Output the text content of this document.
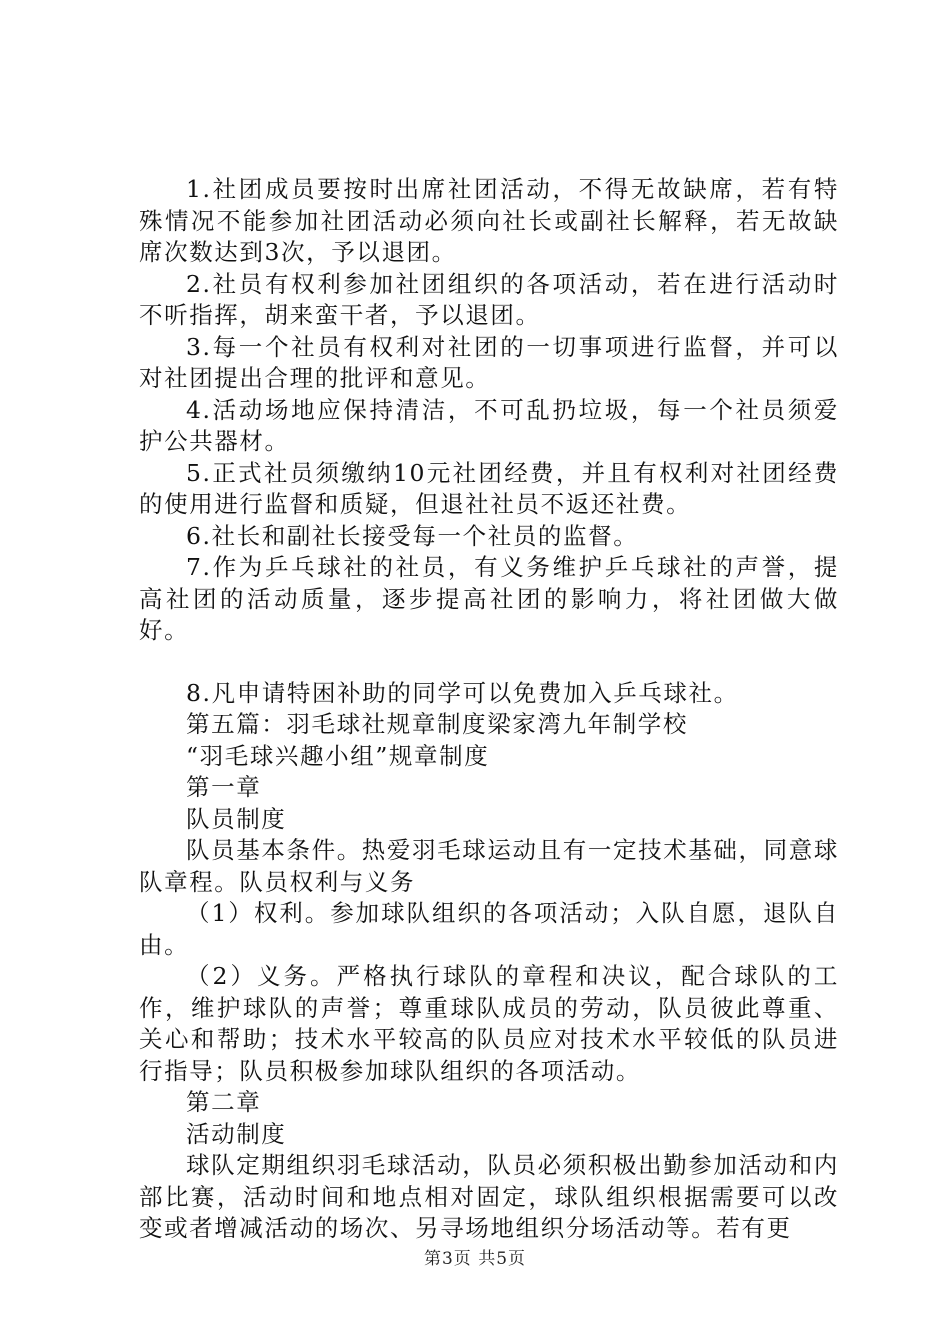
1.社团成员要按时出席社团活动，不得无故缺席，若有特殊情况不能参加社团活动必须向社长或副社长解释，若无故缺席次数达到3次，予以退团。

2.社员有权利参加社团组织的各项活动，若在进行活动时不听指挥，胡来蛮干者，予以退团。

3.每一个社员有权利对社团的一切事项进行监督，并可以对社团提出合理的批评和意见。

4.活动场地应保持清洁，不可乱扔垃圾，每一个社员须爱护公共器材。

5.正式社员须缴纳10元社团经费，并且有权利对社团经费的使用进行监督和质疑，但退社社员不返还社费。

6.社长和副社长接受每一个社员的监督。

7.作为乒乓球社的社员，有义务维护乒乓球社的声誉，提高社团的活动质量，逐步提高社团的影响力，将社团做大做好。

8.凡申请特困补助的同学可以免费加入乒乓球社。

第五篇：羽毛球社规章制度梁家湾九年制学校

“羽毛球兴趣小组”规章制度

第一章

队员制度

队员基本条件。热爱羽毛球运动且有一定技术基础，同意球队章程。队员权利与义务

（1）权利。参加球队组织的各项活动；入队自愿，退队自由。

（2）义务。严格执行球队的章程和决议，配合球队的工作，维护球队的声誉；尊重球队成员的劳动，队员彼此尊重、关心和帮助；技术水平较高的队员应对技术水平较低的队员进行指导；队员积极参加球队组织的各项活动。

第二章

活动制度

球队定期组织羽毛球活动，队员必须积极出勤参加活动和内部比赛，活动时间和地点相对固定，球队组织根据需要可以改变或者增减活动的场次、另寻场地组织分场活动等。若有更

第3页 共5页
